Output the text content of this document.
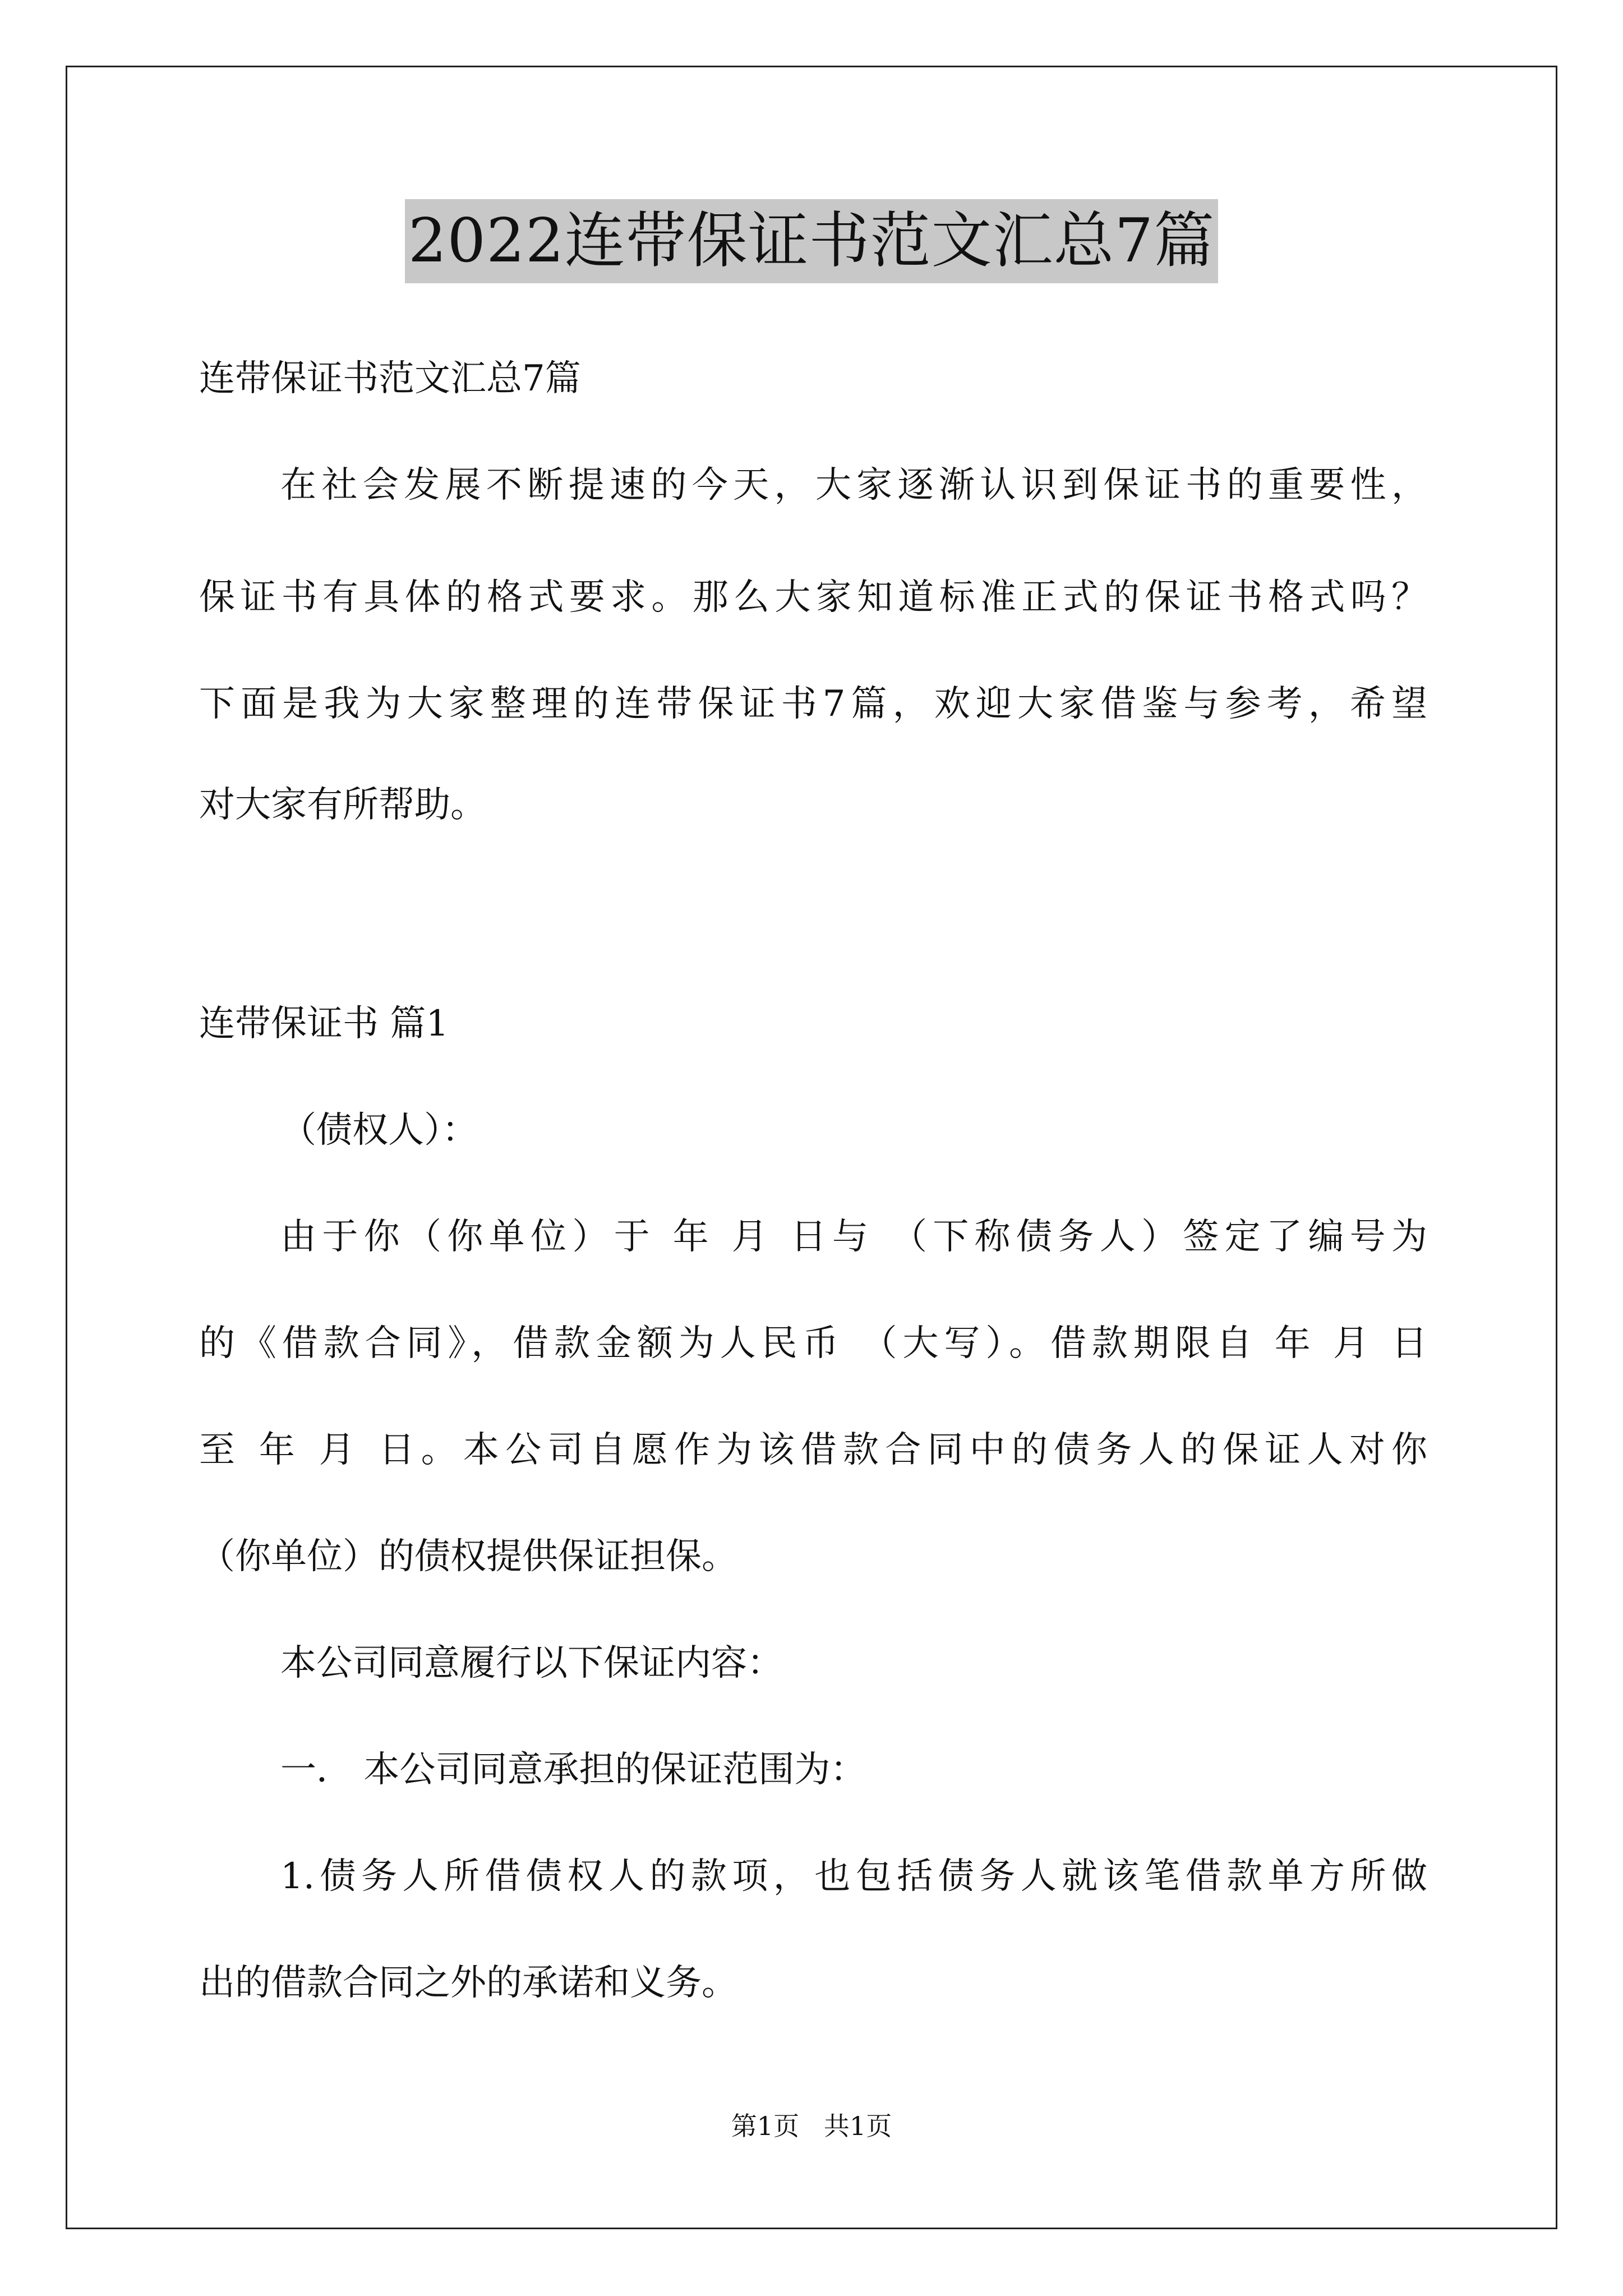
2022连带保证书范文汇总7篇
连带保证书范文汇总7篇
在社会发展不断提速的今天，大家逐渐认识到保证书的重要性，
保证书有具体的格式要求。那么大家知道标准正式的保证书格式吗？
下面是我为大家整理的连带保证书7篇，欢迎大家借鉴与参考，希望
对大家有所帮助。
连带保证书 篇1
（债权人）：
由于你（你单位）于 年 月 日与 （下称债务人）签定了编号为
的《借款合同》，借款金额为人民币 （大写）。借款期限自 年 月 日
至 年 月 日。本公司自愿作为该借款合同中的债务人的保证人对你
（你单位）的债权提供保证担保。
本公司同意履行以下保证内容：
一． 本公司同意承担的保证范围为：
1.债务人所借债权人的款项，也包括债务人就该笔借款单方所做
出的借款合同之外的承诺和义务。
第1页   共1页
